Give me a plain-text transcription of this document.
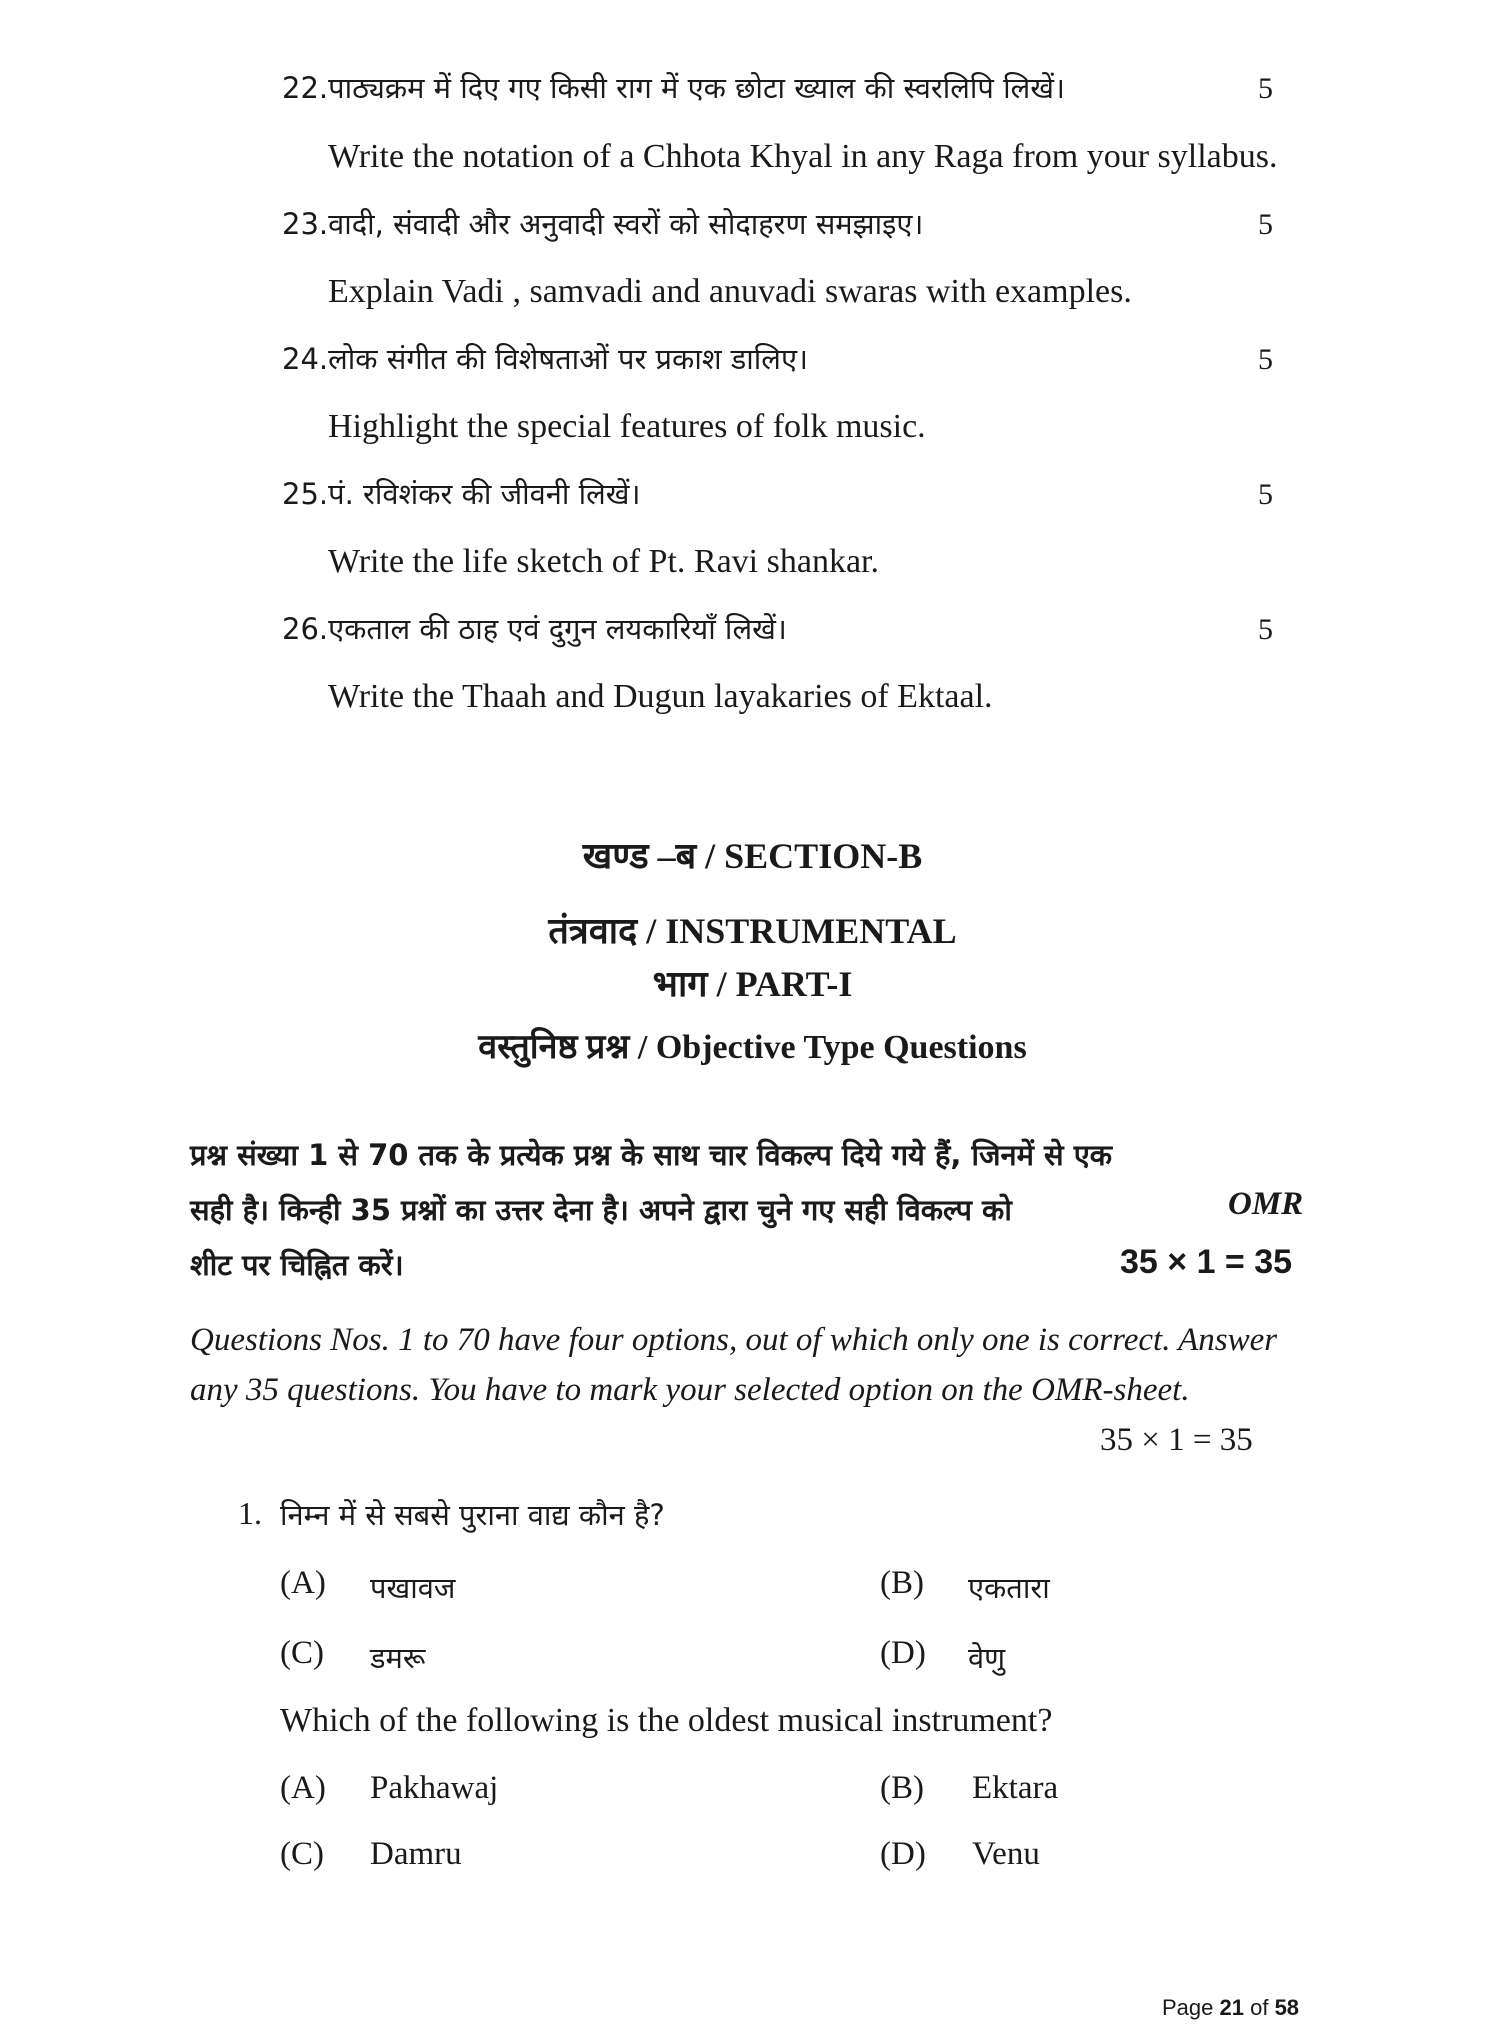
22.पाठ्यक्रम में दिए गए किसी राग में एक छोटा ख्याल की स्वरलिपि लिखें।	5
Write the notation of a Chhota Khyal in any Raga from your syllabus.
23.वादी, संवादी और अनुवादी स्वरों को सोदाहरण समझाइए।	5
Explain Vadi , samvadi and anuvadi swaras with examples.
24.लोक संगीत की विशेषताओं पर प्रकाश डालिए।	5
Highlight the special features of folk music.
25.पं. रविशंकर की जीवनी लिखें।	5
Write the life sketch of Pt. Ravi shankar.
26.एकताल की ठाह एवं दुगुन लयकारियाँ लिखें।	5
Write the Thaah and Dugun layakaries of Ektaal.
खण्ड –ब / SECTION-B
तंत्रवाद / INSTRUMENTAL
भाग / PART-I
वस्तुनिष्ठ प्रश्न / Objective Type Questions
प्रश्न संख्या 1 से 70 तक के प्रत्येक प्रश्न के साथ चार विकल्प दिये गये हैं, जिनमें से एक
सही है। किन्ही 35 प्रश्नों का उत्तर देना है। अपने द्वारा चुने गए सही विकल्प को	OMR
शीट पर चिह्नित करें।	35 × 1 = 35
Questions Nos. 1 to 70 have four options, out of which only one is correct. Answer
any 35 questions. You have to mark your selected option on the OMR-sheet.
35 × 1 = 35
1. निम्न में से सबसे पुराना वाद्य कौन है?
(A) पखावज	(B) एकतारा
(C) डमरू	(D) वेणु
Which of the following is the oldest musical instrument?
(A) Pakhawaj	(B) Ektara
(C) Damru	(D) Venu
Page 21 of 58
